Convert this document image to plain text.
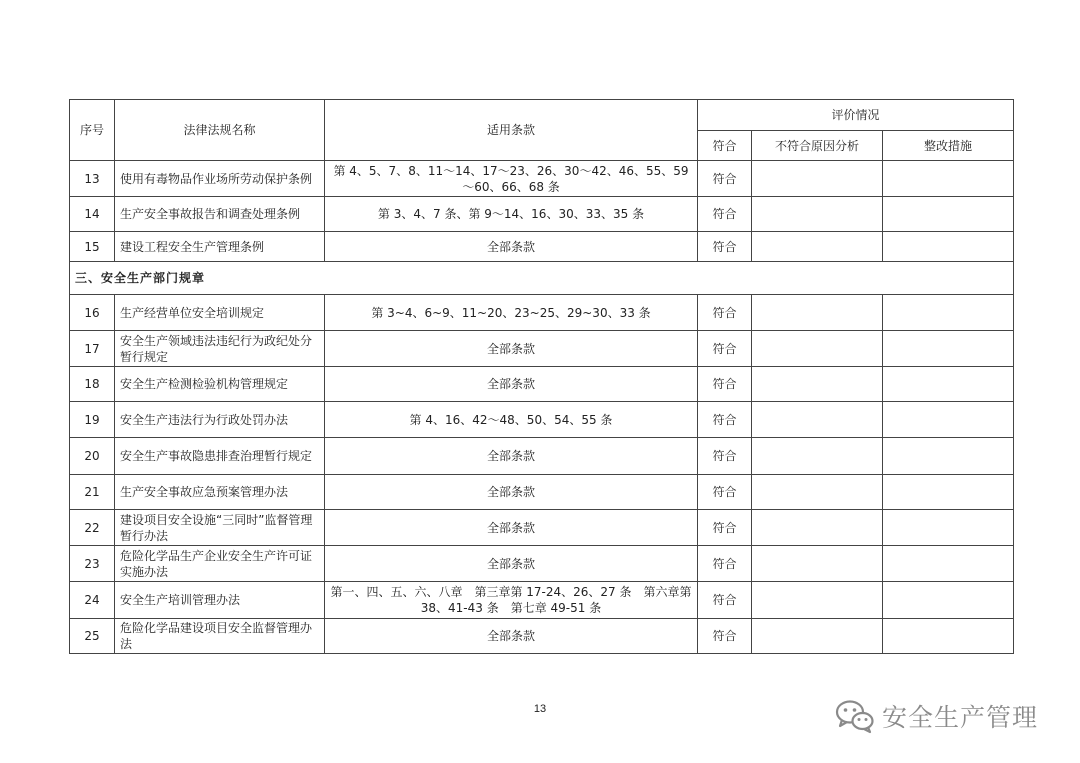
序号	法律法规名称	适用条款	评价情况		
			符合	不符合原因分析	整改措施
13	使用有毒物品作业场所劳动保护条例	第 4、5、7、8、11～14、17～23、26、30～42、46、55、59～60、66、68 条	符合		
14	生产安全事故报告和调查处理条例	第 3、4、7 条、第 9～14、16、30、33、35 条	符合		
15	建设工程安全生产管理条例	全部条款	符合		
三、安全生产部门规章					
16	生产经营单位安全培训规定	第 3~4、6~9、11~20、23~25、29~30、33 条	符合		
17	安全生产领域违法违纪行为政纪处分暂行规定	全部条款	符合		
18	安全生产检测检验机构管理规定	全部条款	符合		
19	安全生产违法行为行政处罚办法	第 4、16、42～48、50、54、55 条	符合		
20	安全生产事故隐患排查治理暂行规定	全部条款	符合		
21	生产安全事故应急预案管理办法	全部条款	符合		
22	建设项目安全设施“三同时”监督管理暂行办法	全部条款	符合		
23	危险化学品生产企业安全生产许可证实施办法	全部条款	符合		
24	安全生产培训管理办法	第一、四、五、六、八章　第三章第 17-24、26、27 条　第六章第 38、41-43 条　第七章 49-51 条	符合		
25	危险化学品建设项目安全监督管理办法	全部条款	符合		
13	安全生产管理
